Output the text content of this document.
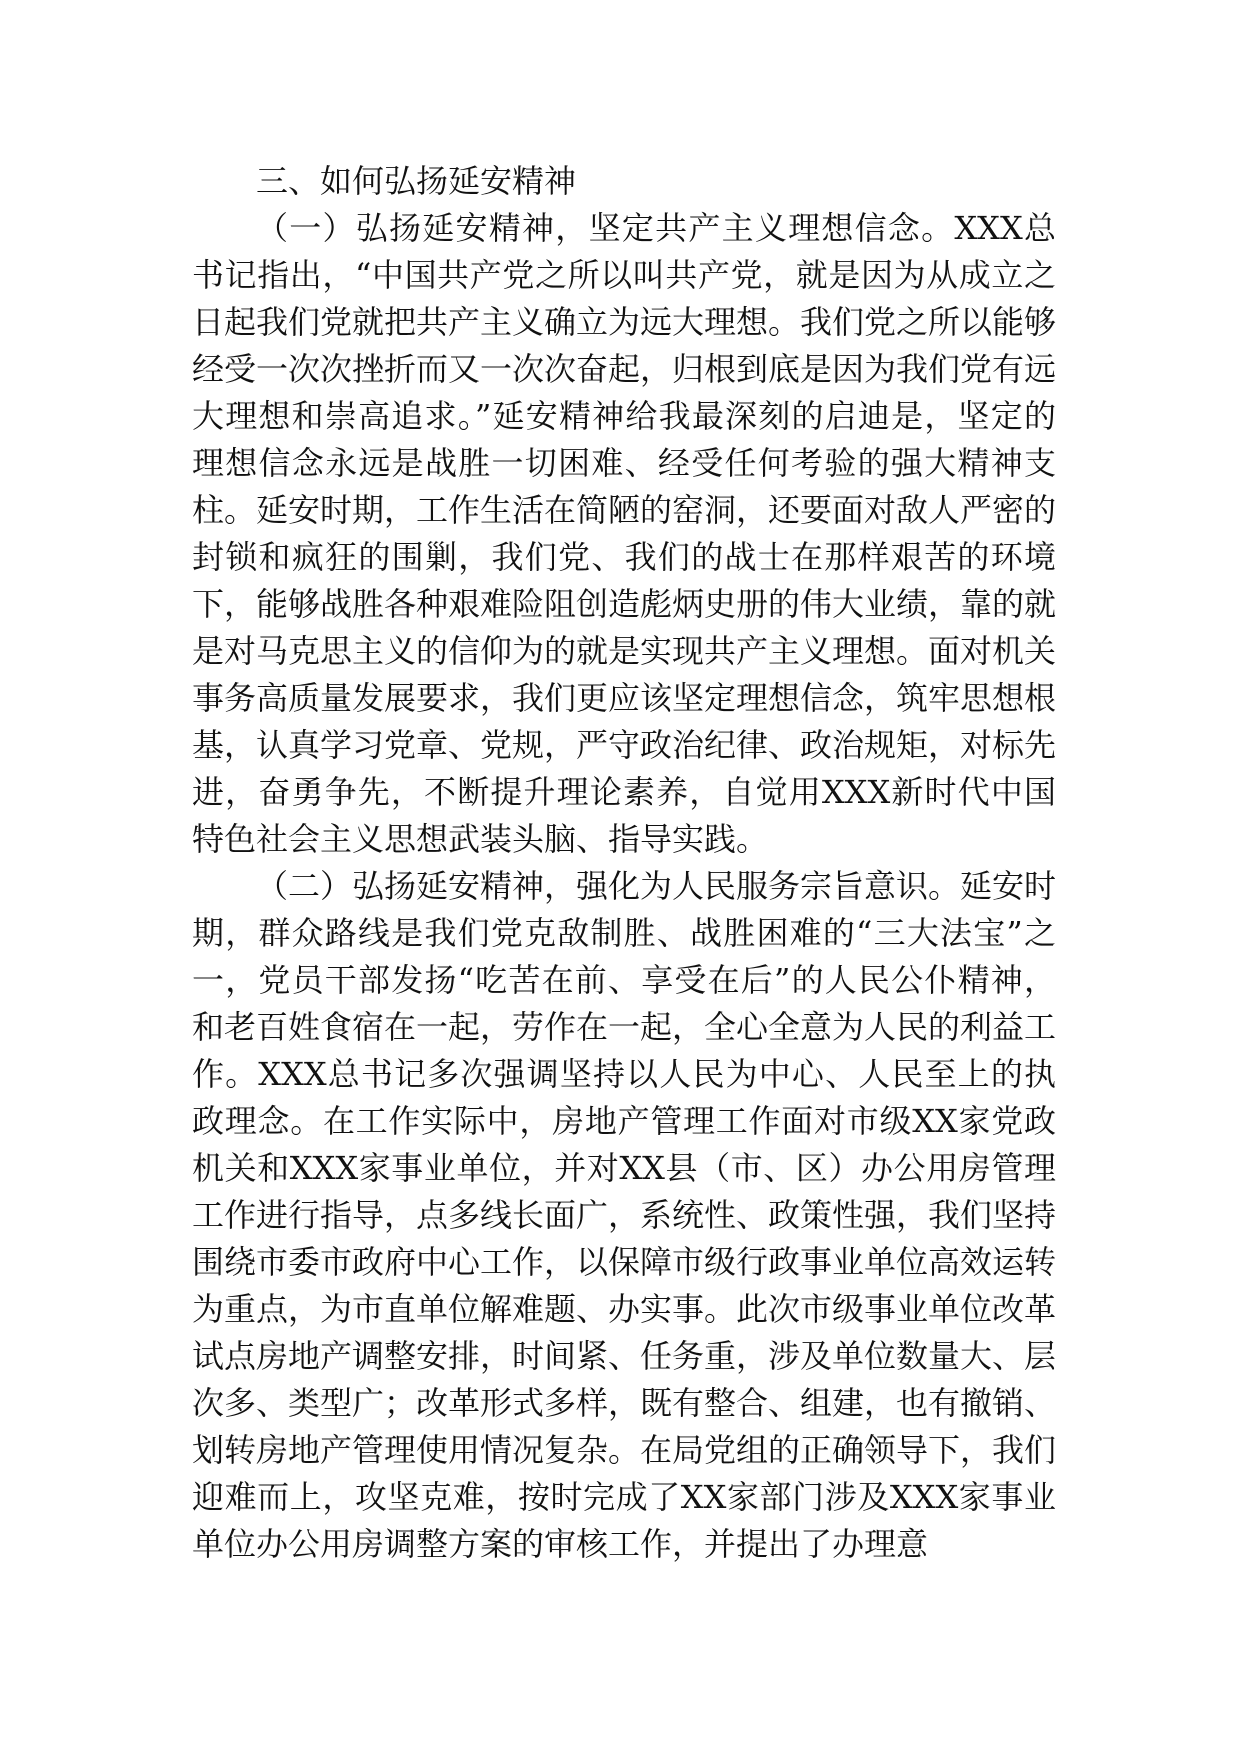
三、如何弘扬延安精神

（一）弘扬延安精神，坚定共产主义理想信念。XXX总书记指出，“中国共产党之所以叫共产党，就是因为从成立之日起我们党就把共产主义确立为远大理想。我们党之所以能够经受一次次挫折而又一次次奋起，归根到底是因为我们党有远大理想和崇高追求。”延安精神给我最深刻的启迪是，坚定的理想信念永远是战胜一切困难、经受任何考验的强大精神支柱。延安时期，工作生活在简陋的窑洞，还要面对敌人严密的封锁和疯狂的围剿，我们党、我们的战士在那样艰苦的环境下，能够战胜各种艰难险阻创造彪炳史册的伟大业绩，靠的就是对马克思主义的信仰为的就是实现共产主义理想。面对机关事务高质量发展要求，我们更应该坚定理想信念，筑牢思想根基，认真学习党章、党规，严守政治纪律、政治规矩，对标先进，奋勇争先，不断提升理论素养，自觉用XXX新时代中国特色社会主义思想武装头脑、指导实践。

（二）弘扬延安精神，强化为人民服务宗旨意识。延安时期，群众路线是我们党克敌制胜、战胜困难的“三大法宝”之一，党员干部发扬“吃苦在前、享受在后”的人民公仆精神，和老百姓食宿在一起，劳作在一起，全心全意为人民的利益工作。XXX总书记多次强调坚持以人民为中心、人民至上的执政理念。在工作实际中，房地产管理工作面对市级XX家党政机关和XXX家事业单位，并对XX县（市、区）办公用房管理工作进行指导，点多线长面广，系统性、政策性强，我们坚持围绕市委市政府中心工作，以保障市级行政事业单位高效运转为重点，为市直单位解难题、办实事。此次市级事业单位改革试点房地产调整安排，时间紧、任务重，涉及单位数量大、层次多、类型广；改革形式多样，既有整合、组建，也有撤销、划转房地产管理使用情况复杂。在局党组的正确领导下，我们迎难而上，攻坚克难，按时完成了XX家部门涉及XXX家事业单位办公用房调整方案的审核工作，并提出了办理意
